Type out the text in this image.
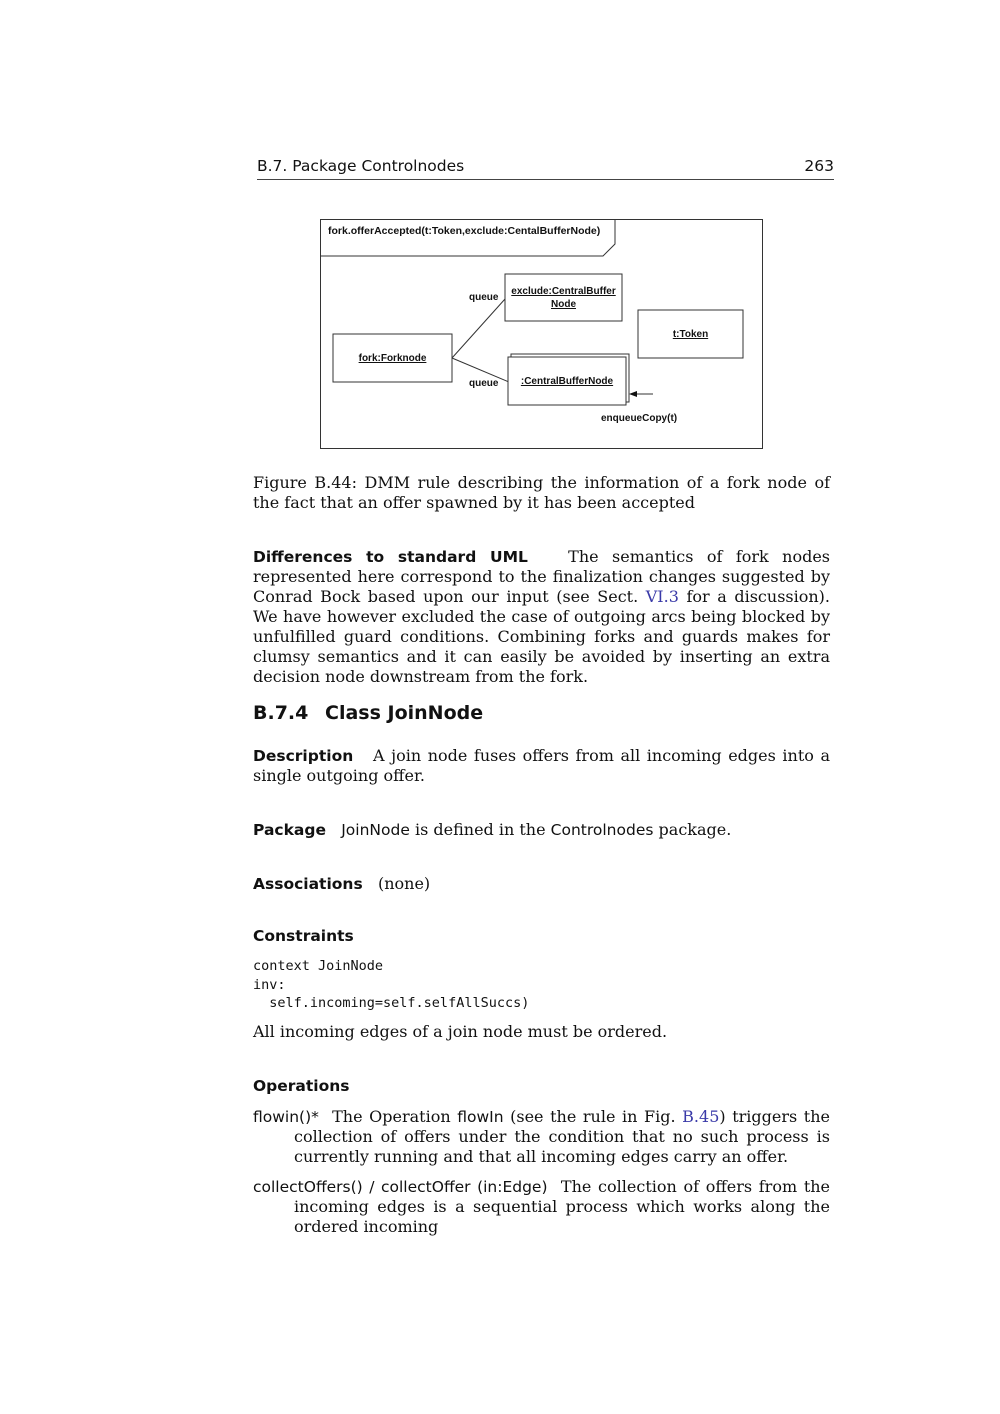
B.7. Package Controlnodes	263
fork.offerAccepted(t:Token,exclude:CentalBufferNode)
queue
queue
fork:Forknode
exclude:CentralBuffer
Node
t:Token
:CentralBufferNode
enqueueCopy(t)
Figure B.44: DMM rule describing the information of a fork node of the fact that an offer spawned by it has been accepted

Differences to standard UML	The semantics of fork nodes represented here correspond to the finalization changes suggested by Conrad Bock based upon our input (see Sect. VI.3 for a discussion). We have however excluded the case of outgoing arcs being blocked by unfulfilled guard conditions. Combining forks and guards makes for clumsy semantics and it can easily be avoided by inserting an extra decision node downstream from the fork.

B.7.4 Class JoinNode

Description A join node fuses offers from all incoming edges into a single outgoing offer.

Package JoinNode is defined in the Controlnodes package.

Associations (none)

Constraints
context JoinNode
inv:
self.incoming=self.selfAllSuccs)

All incoming edges of a join node must be ordered.

Operations
flowin()* The Operation flowIn (see the rule in Fig. B.45) triggers the collection of offers under the condition that no such process is currently running and that all incoming edges carry an offer.
collectOffers() / collectOffer (in:Edge) The collection of offers from the incoming edges is a sequential process which works along the ordered incoming
